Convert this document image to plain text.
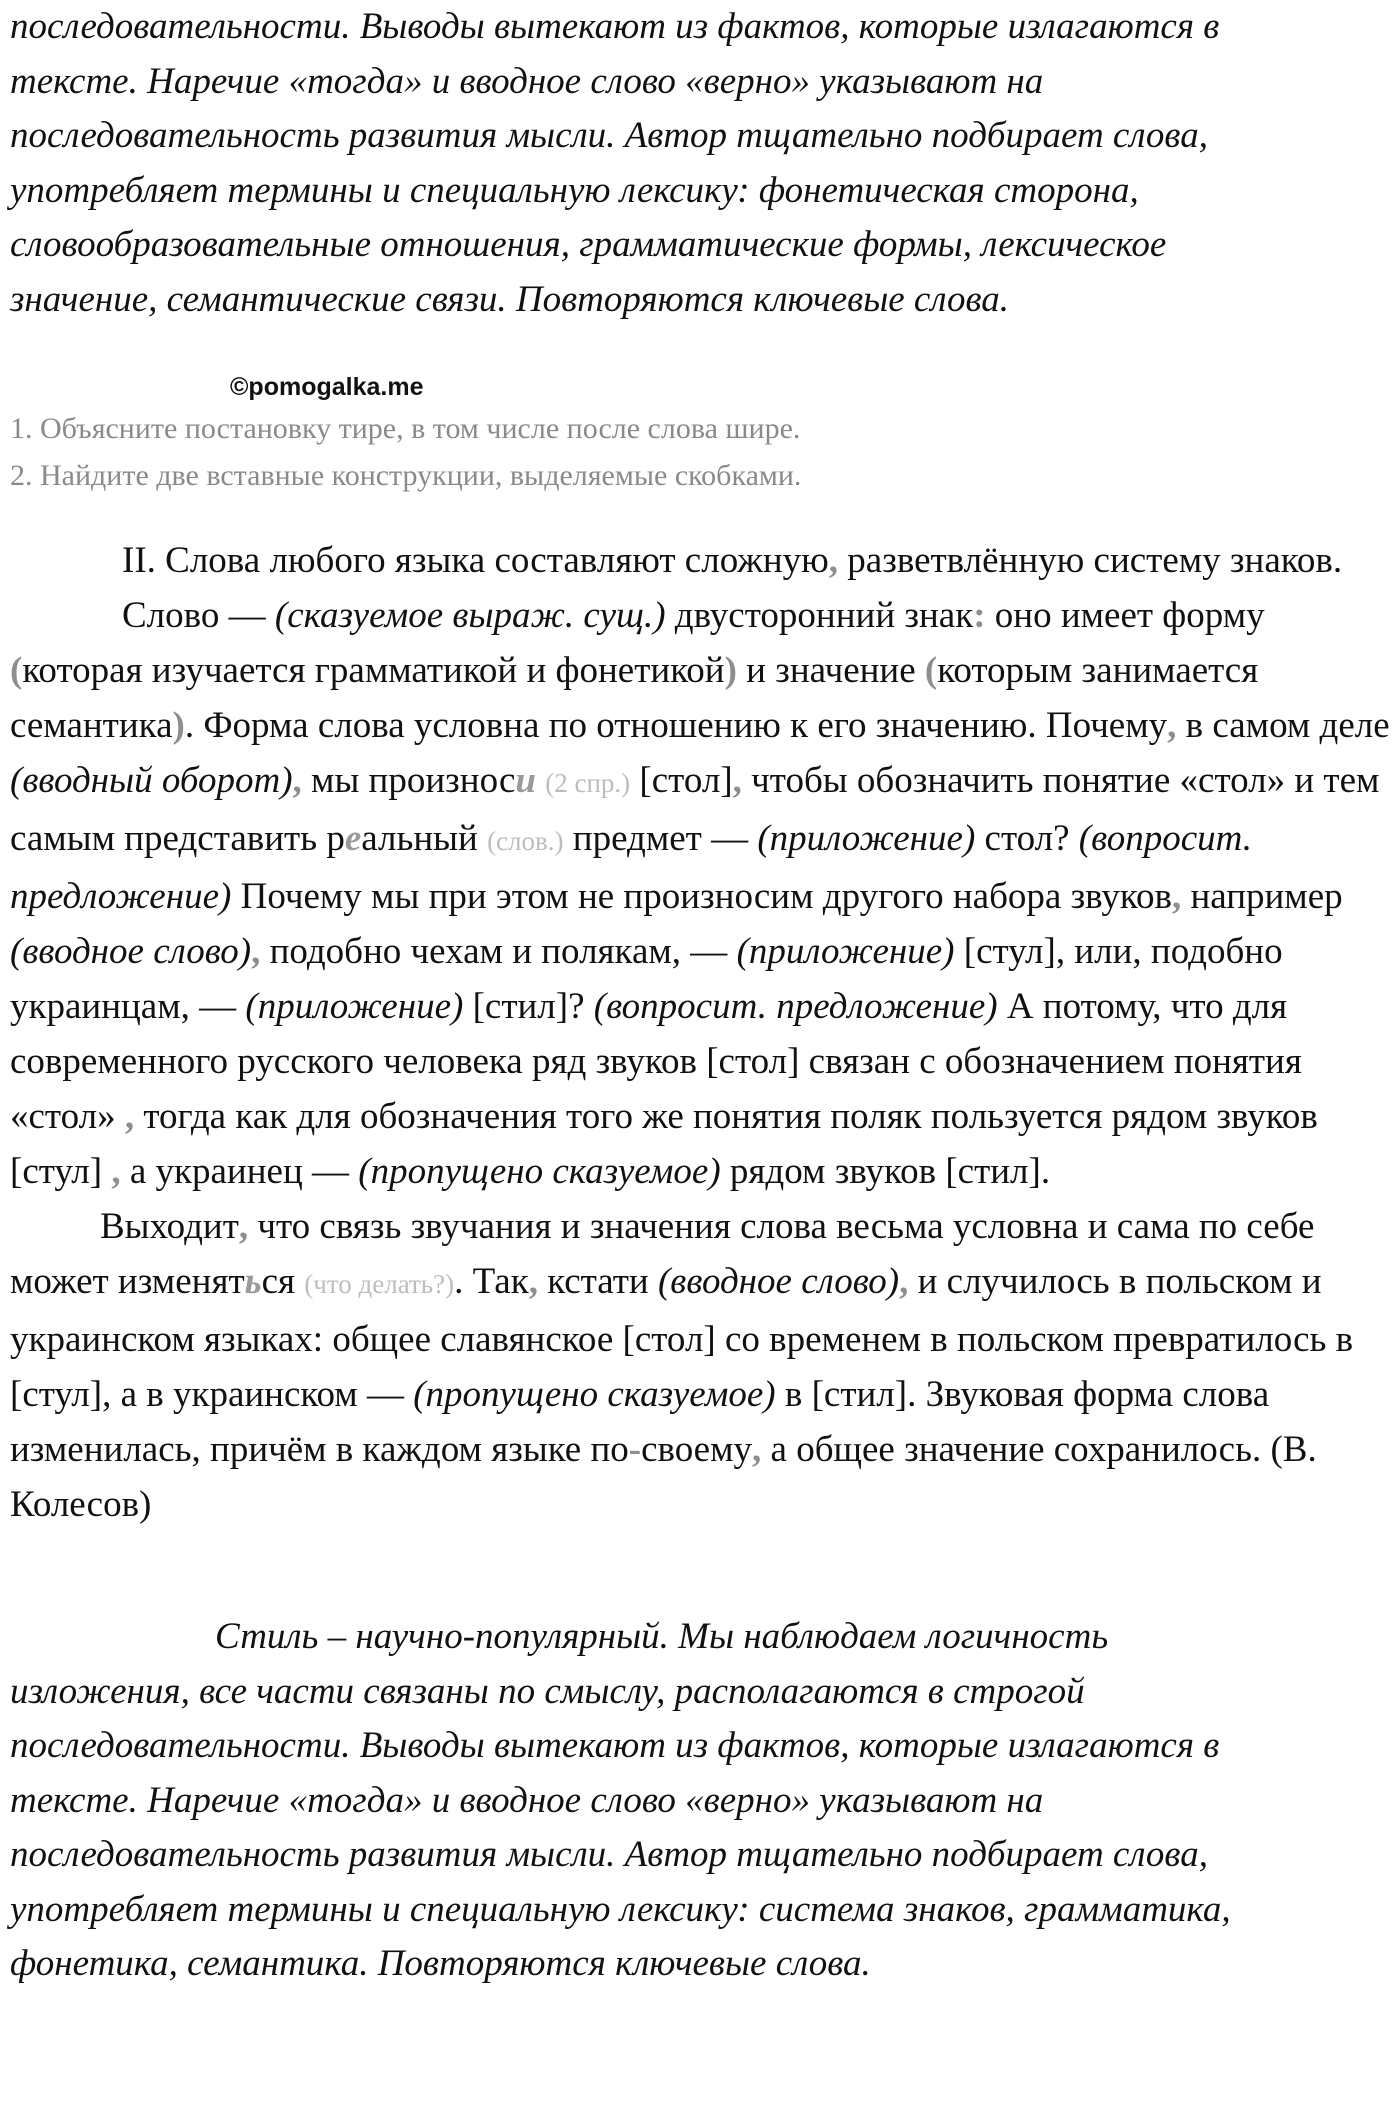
последовательности. Выводы вытекают из фактов, которые излагаются в

тексте. Наречие «тогда» и вводное слово «верно» указывают на

последовательность развития мысли. Автор тщательно подбирает слова,

употребляет термины и специальную лексику: фонетическая сторона,

словообразовательные отношения, грамматические формы, лексическое

значение, семантические связи. Повторяются ключевые слова.

1. Объясните постановку тире, в том числе после слова шире.

2. Найдите две вставные конструкции, выделяемые скобками.

II. Слова любого языка составляют сложную, разветвлённую систему знаков.

Слово — (сказуемое выраж. сущ.) двусторонний знак: оно имеет форму (которая изучается грамматикой и фонетикой) и значение (которым занимается семантика). Форма слова условна по отношению к его значению. Почему, в самом деле (вводный оборот), мы произноси (2 спр.) [стол], чтобы обозначить понятие «стол» и тем самым представить реальный (слов.) предмет — (приложение) стол? (вопросит. предложение) Почему мы при этом не произносим другого набора звуков, например (вводное слово), подобно чехам и полякам, — (приложение) [стул], или, подобно украинцам, — (приложение) [стил]? (вопросит. предложение) А потому, что для современного русского человека ряд звуков [стол] связан с обозначением понятия «стол» , тогда как для обозначения того же понятия поляк пользуется рядом звуков [стул] , а украинец — (пропущено сказуемое) рядом звуков [стил].

Выходит, что связь звучания и значения слова весьма условна и сама по себе может изменяться (что делать?). Так, кстати (вводное слово), и случилось в польском и украинском языках: общее славянское [стол] со временем в польском превратилось в [стул], а в украинском — (пропущено сказуемое) в [стил]. Звуковая форма слова изменилась, причём в каждом языке по-своему, а общее значение сохранилось. (В. Колесов)

Стиль – научно-популярный. Мы наблюдаем логичность

изложения, все части связаны по смыслу, располагаются в строгой

последовательности. Выводы вытекают из фактов, которые излагаются в

тексте. Наречие «тогда» и вводное слово «верно» указывают на

последовательность развития мысли. Автор тщательно подбирает слова,

употребляет термины и специальную лексику: система знаков, грамматика,

фонетика, семантика. Повторяются ключевые слова.

©pomogalka.me
